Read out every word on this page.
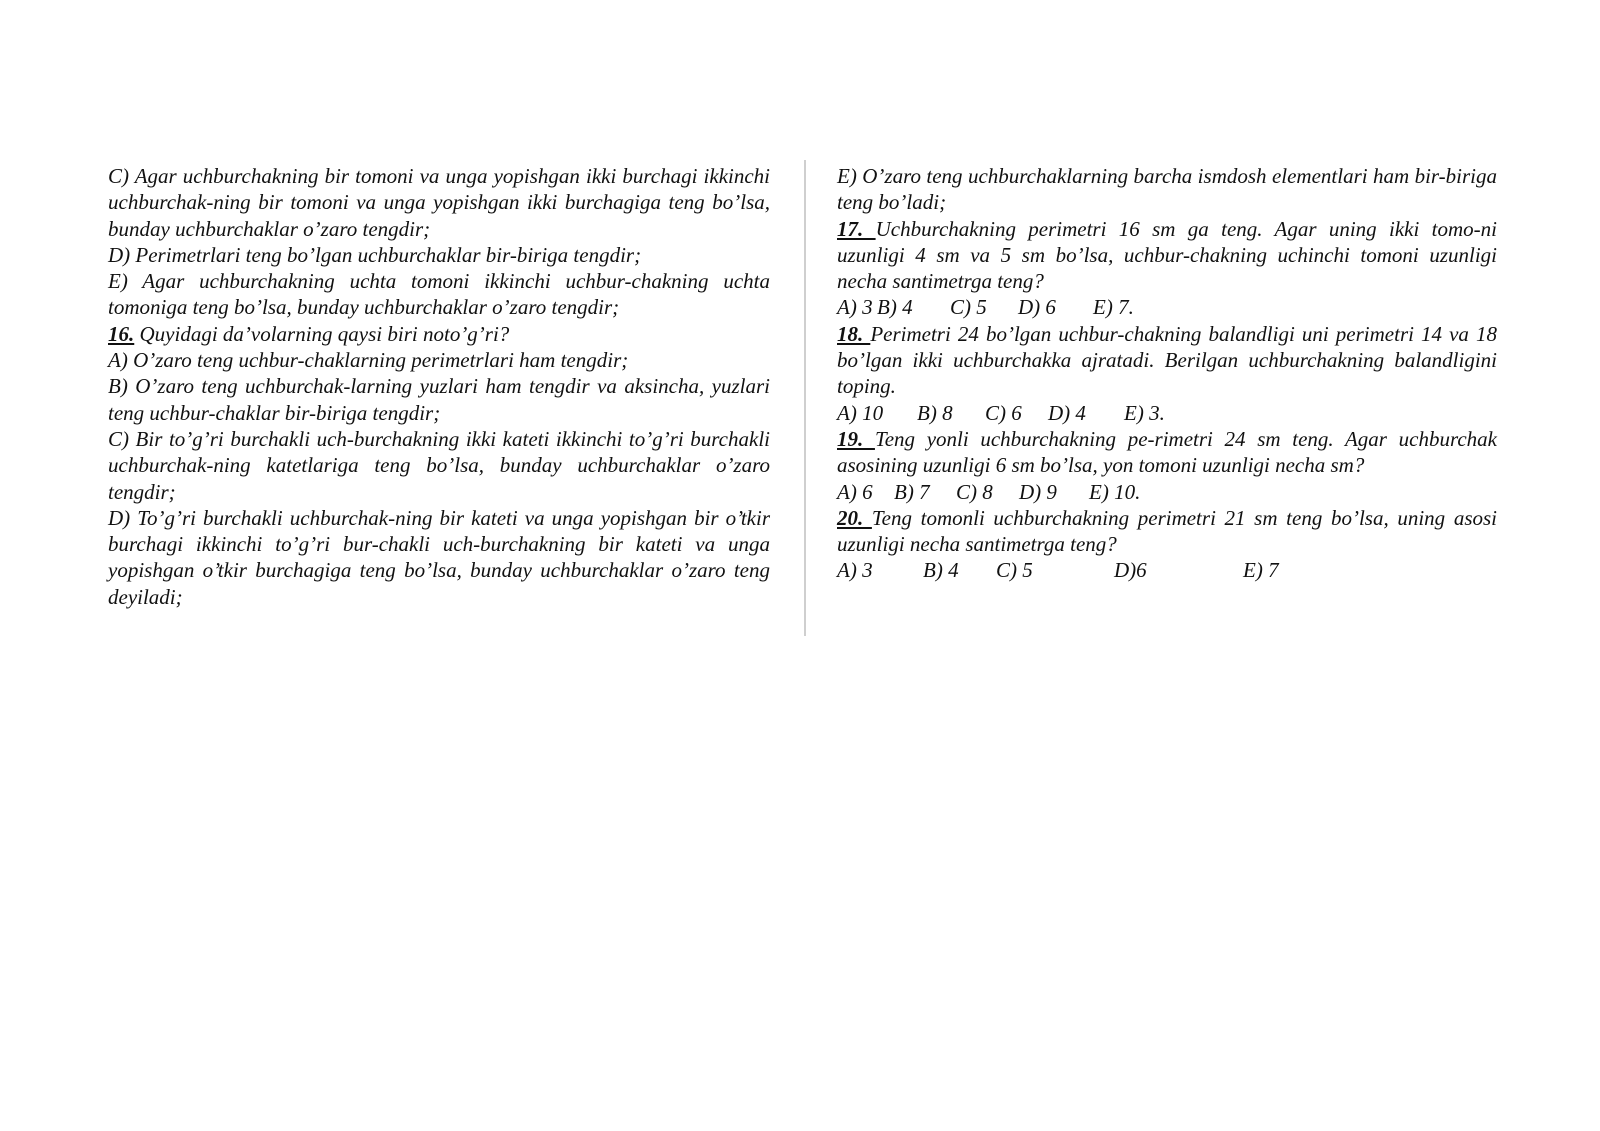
C) Agar uchburchakning bir tomoni va unga yopishgan ikki burchagi ikkinchi uchburchak-ning bir tomoni va unga yopishgan ikki burchagiga teng bo’lsa, bunday uchburchaklar o’zaro tengdir;

D) Perimetrlari teng bo’lgan uchburchaklar bir-biriga tengdir;

E) Agar uchburchakning uchta tomoni ikkinchi uchbur-chakning uchta tomoniga teng bo’lsa, bunday uchburchaklar o’zaro tengdir;

16. Quyidagi da’volarning qaysi biri noto’g’ri?

A) O’zaro teng uchbur-chaklarning perimetrlari ham tengdir;

B) O’zaro teng uchburchak-larning yuzlari ham tengdir va aksincha, yuzlari teng uchbur-chaklar bir-biriga tengdir;

C) Bir to’g’ri burchakli uch-burchakning ikki kateti ikkinchi to’g’ri burchakli uchburchak-ning katetlariga teng bo’lsa, bunday uchburchaklar o’zaro tengdir;

D) To’g’ri burchakli uchburchak-ning bir kateti va unga yopishgan bir o’tkir burchagi ikkinchi to’g’ri bur-chakli uch-burchakning bir kateti va unga yopishgan o’tkir burchagiga teng bo’lsa, bunday uchburchaklar o’zaro teng deyiladi;

E) O’zaro teng uchburchaklarning barcha ismdosh elementlari ham bir-biriga teng bo’ladi;

17. Uchburchakning perimetri 16 sm ga teng. Agar uning ikki tomo-ni uzunligi 4 sm va 5 sm bo’lsa, uchbur-chakning uchinchi tomoni uzunligi necha santimetrga teng?

A) 3 B) 4 C) 5 D) 6 E) 7.

18. Perimetri 24 bo’lgan uchbur-chakning balandligi uni perimetri 14 va 18 bo’lgan ikki uchburchakka ajratadi. Berilgan uchburchakning balandligini toping.

A) 10 B) 8 C) 6 D) 4 E) 3.

19. Teng yonli uchburchakning pe-rimetri 24 sm teng. Agar uchburchak asosining uzunligi 6 sm bo’lsa, yon tomoni uzunligi necha sm?

A) 6 B) 7 C) 8 D) 9 E) 10.

20. Teng tomonli uchburchakning perimetri 21 sm teng bo’lsa, uning asosi uzunligi necha santimetrga teng?

A) 3 B) 4 C) 5	D)6	E) 7
